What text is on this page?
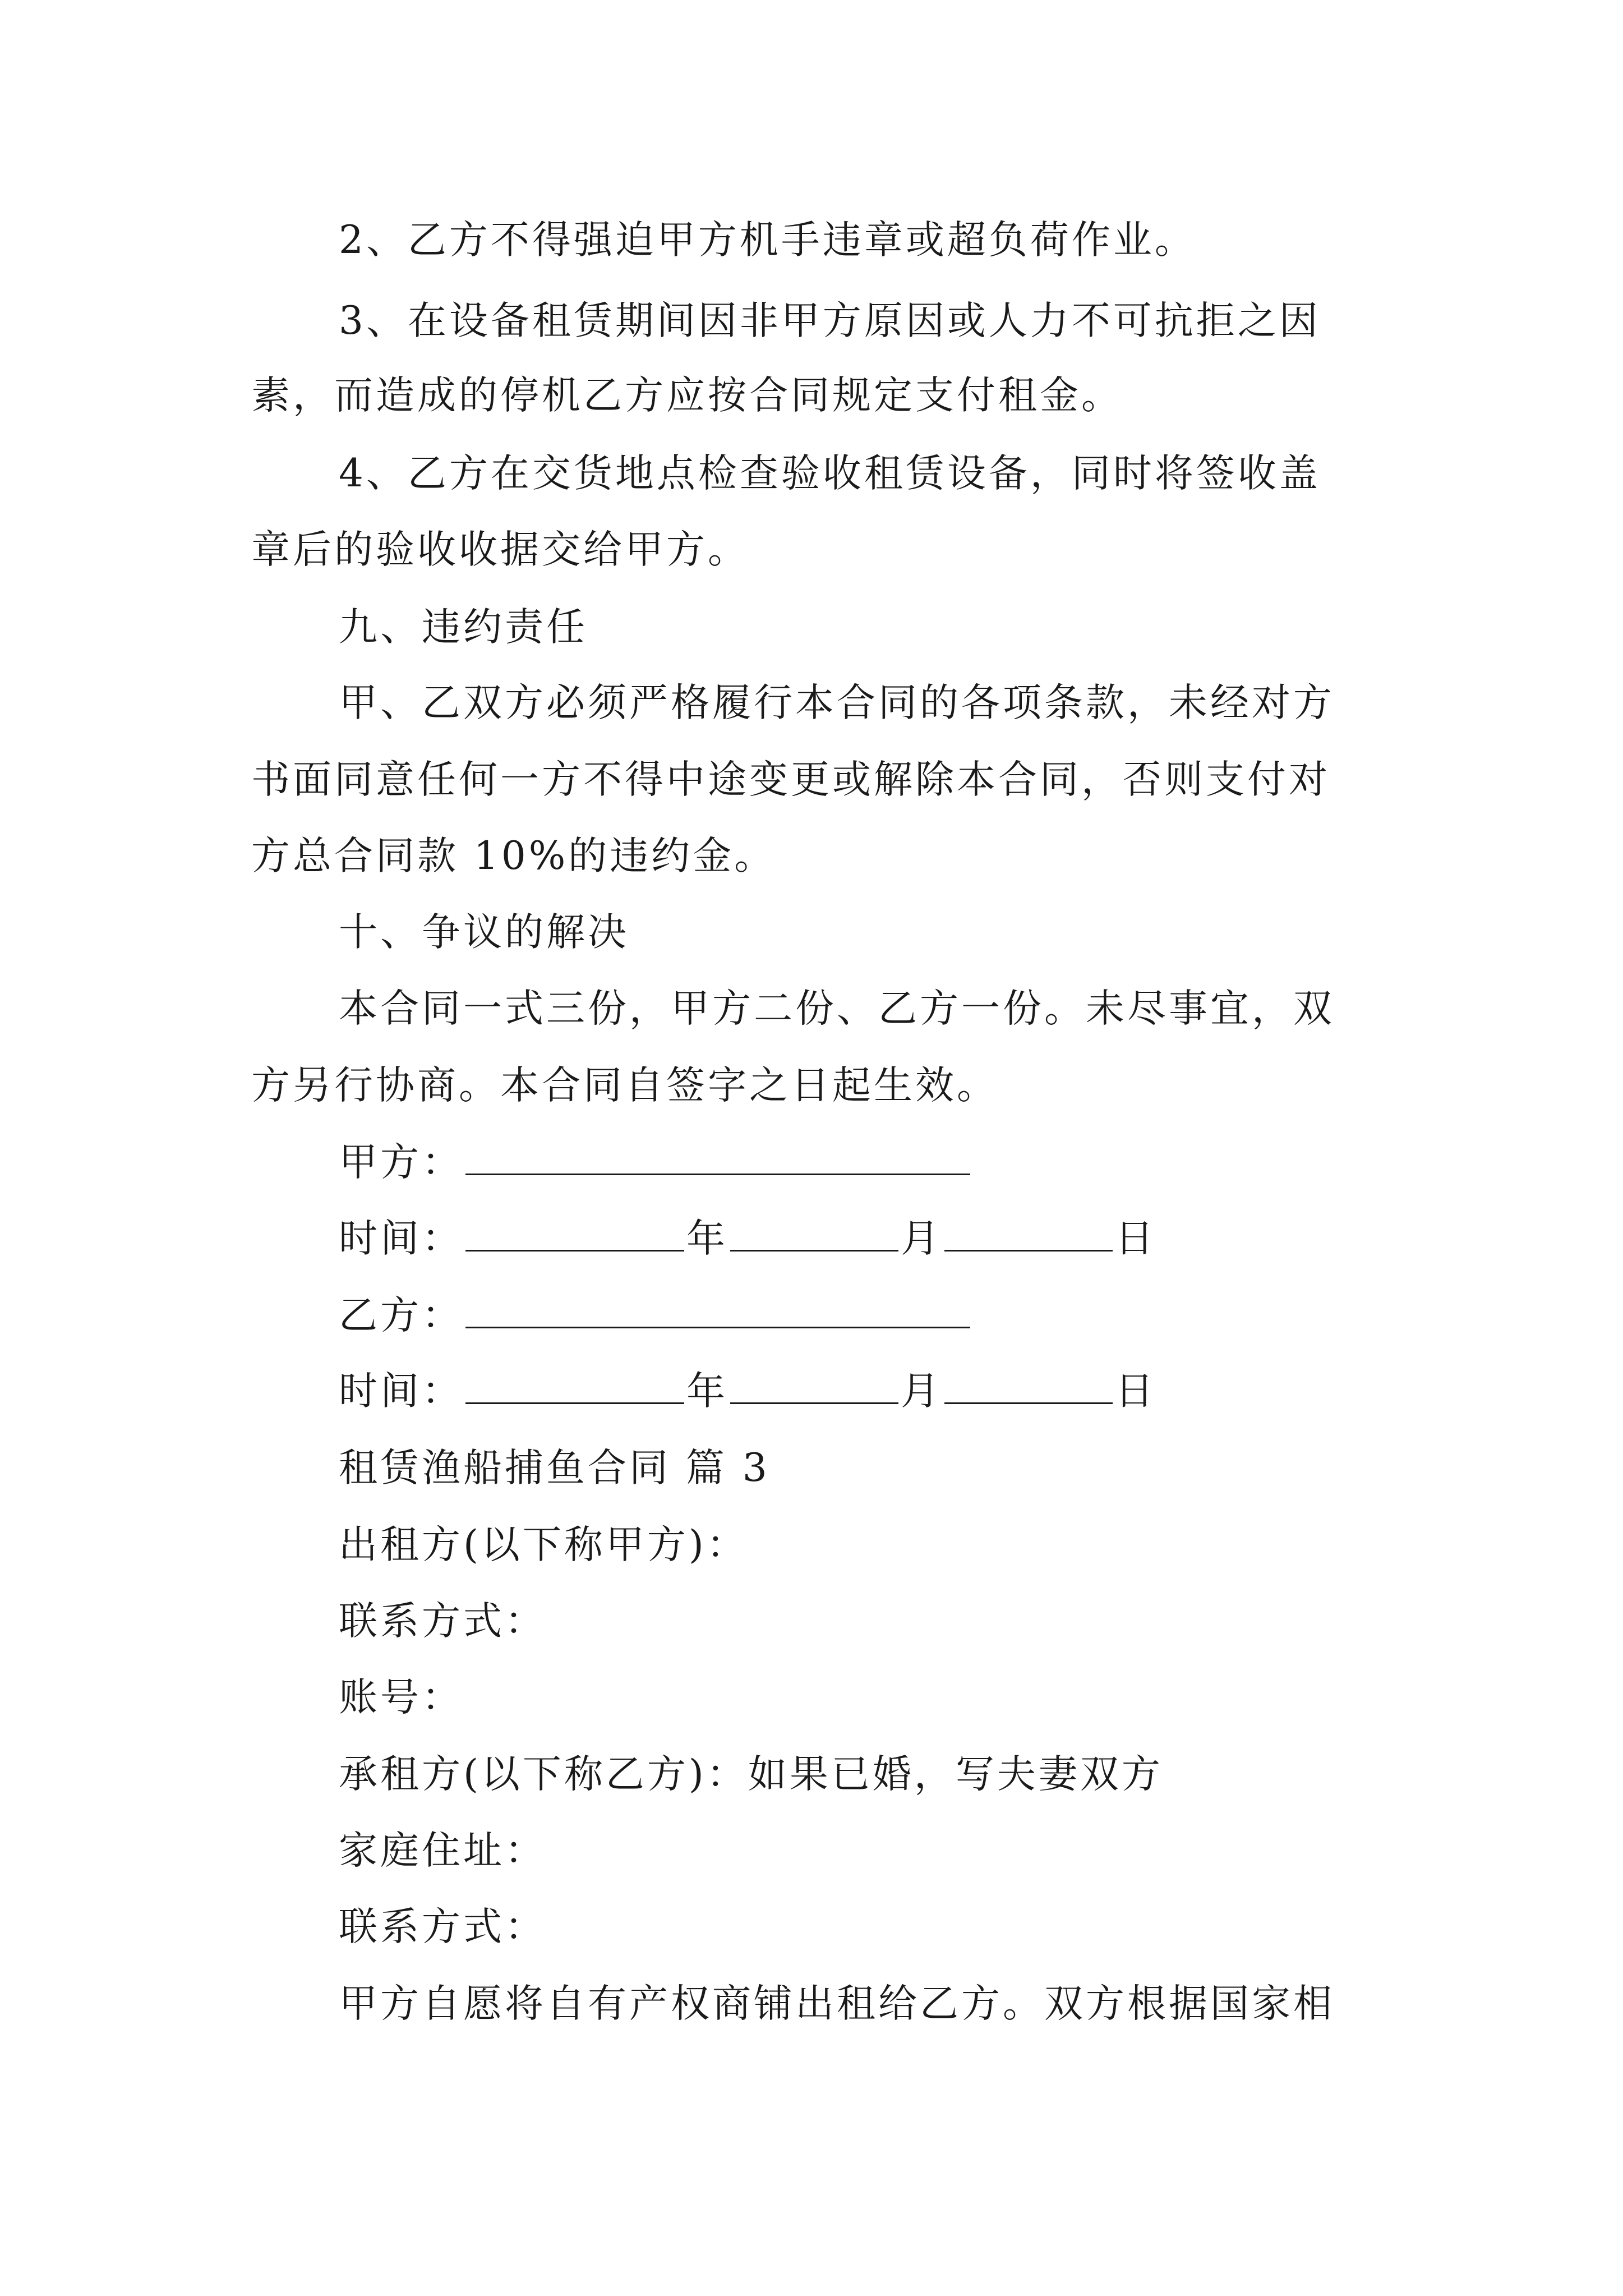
2、乙方不得强迫甲方机手违章或超负荷作业。
3、在设备租赁期间因非甲方原因或人力不可抗拒之因
素，而造成的停机乙方应按合同规定支付租金。
4、乙方在交货地点检查验收租赁设备，同时将签收盖
章后的验收收据交给甲方。
九、违约责任
甲、乙双方必须严格履行本合同的各项条款，未经对方
书面同意任何一方不得中途变更或解除本合同，否则支付对
方总合同款 10%的违约金。
十、争议的解决
本合同一式三份，甲方二份、乙方一份。未尽事宜，双
方另行协商。本合同自签字之日起生效。
甲方：
时间：	年	月	日
乙方：
时间：	年	月	日
租赁渔船捕鱼合同 篇 3
出租方(以下称甲方)：
联系方式：
账号：
承租方(以下称乙方)：如果已婚，写夫妻双方
家庭住址：
联系方式：
甲方自愿将自有产权商铺出租给乙方。双方根据国家相
